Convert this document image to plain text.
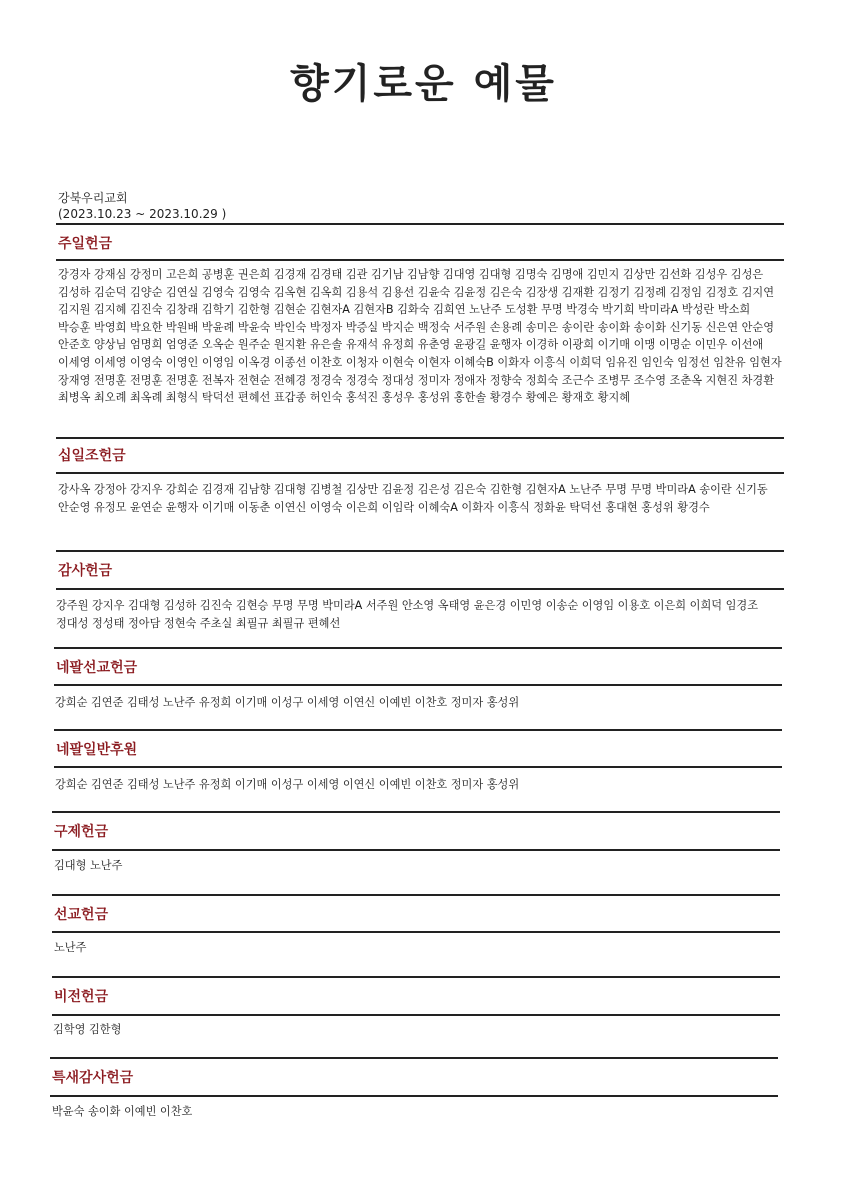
향기로운 예물
강북우리교회
(2023.10.23 ~ 2023.10.29 )
주일헌금
강경자 강재심 강정미 고은희 공병훈 권은희 김경재 김경태 김관 김기남 김남향 김대영 김대형 김명숙 김명애 김민지 김상만 김선화 김성우 김성은 김성하 김순덕 김양순 김연실 김영숙 김영숙 김옥현 김옥희 김용석 김용선 김윤숙 김윤정 김은숙 김장생 김재환 김정기 김정례 김정임 김정호 김지연 김지원 김지혜 김진숙 김창래 김학기 김한형 김현순 김현자A 김현자B 김화숙 김희연 노난주 도성환 무명 박경숙 박기희 박미라A 박성란 박소희 박승훈 박영희 박요한 박원배 박윤례 박윤숙 박인숙 박정자 박증실 박지순 백정숙 서주원 손용례 송미은 송이란 송이화 송이화 신기동 신은연 안순영 안준호 양상님 엄명희 엄영준 오옥순 원주순 원지환 유은솔 유재석 유정희 유춘영 윤광길 윤행자 이경하 이광희 이기매 이맹 이명순 이민우 이선애 이세영 이세영 이영숙 이영인 이영임 이옥경 이종선 이찬호 이청자 이현숙 이현자 이혜숙B 이화자 이흥식 이희덕 임유진 임인숙 임정선 임찬유 임현자 장재영 전명훈 전명훈 전명훈 전복자 전현순 전혜경 정경숙 정경숙 정대성 정미자 정애자 정향숙 정희숙 조근수 조병무 조수영 조춘옥 지현진 차경환 최병옥 최오례 최옥례 최형식 탁덕선 편혜선 표갑종 허인숙 홍석진 홍성우 홍성위 홍한솔 황경수 황예은 황재호 황지혜
십일조헌금
강사옥 강정아 강지우 강희순 김경재 김남향 김대형 김병철 김상만 김윤정 김은성 김은숙 김한형 김현자A 노난주 무명 무명 박미라A 송이란 신기동 안순영 유정모 윤연순 윤행자 이기매 이동춘 이연신 이영숙 이은희 이임락 이혜숙A 이화자 이흥식 정화윤 탁덕선 홍대현 홍성위 황경수
감사헌금
강주원 강지우 김대형 김성하 김진숙 김현승 무명 무명 박미라A 서주원 안소영 옥태영 윤은경 이민영 이송순 이영임 이용호 이은희 이희덕 임경조 정대성 정성태 정아담 정현숙 주초실 최필규 최필규 편혜선
네팔선교헌금
강희순 김연준 김태성 노난주 유정희 이기매 이성구 이세영 이연신 이예빈 이찬호 정미자 홍성위
네팔일반후원
강희순 김연준 김태성 노난주 유정희 이기매 이성구 이세영 이연신 이예빈 이찬호 정미자 홍성위
구제헌금
김대형 노난주
선교헌금
노난주
비전헌금
김학영 김한형
특새감사헌금
박윤숙 송이화 이예빈 이찬호
